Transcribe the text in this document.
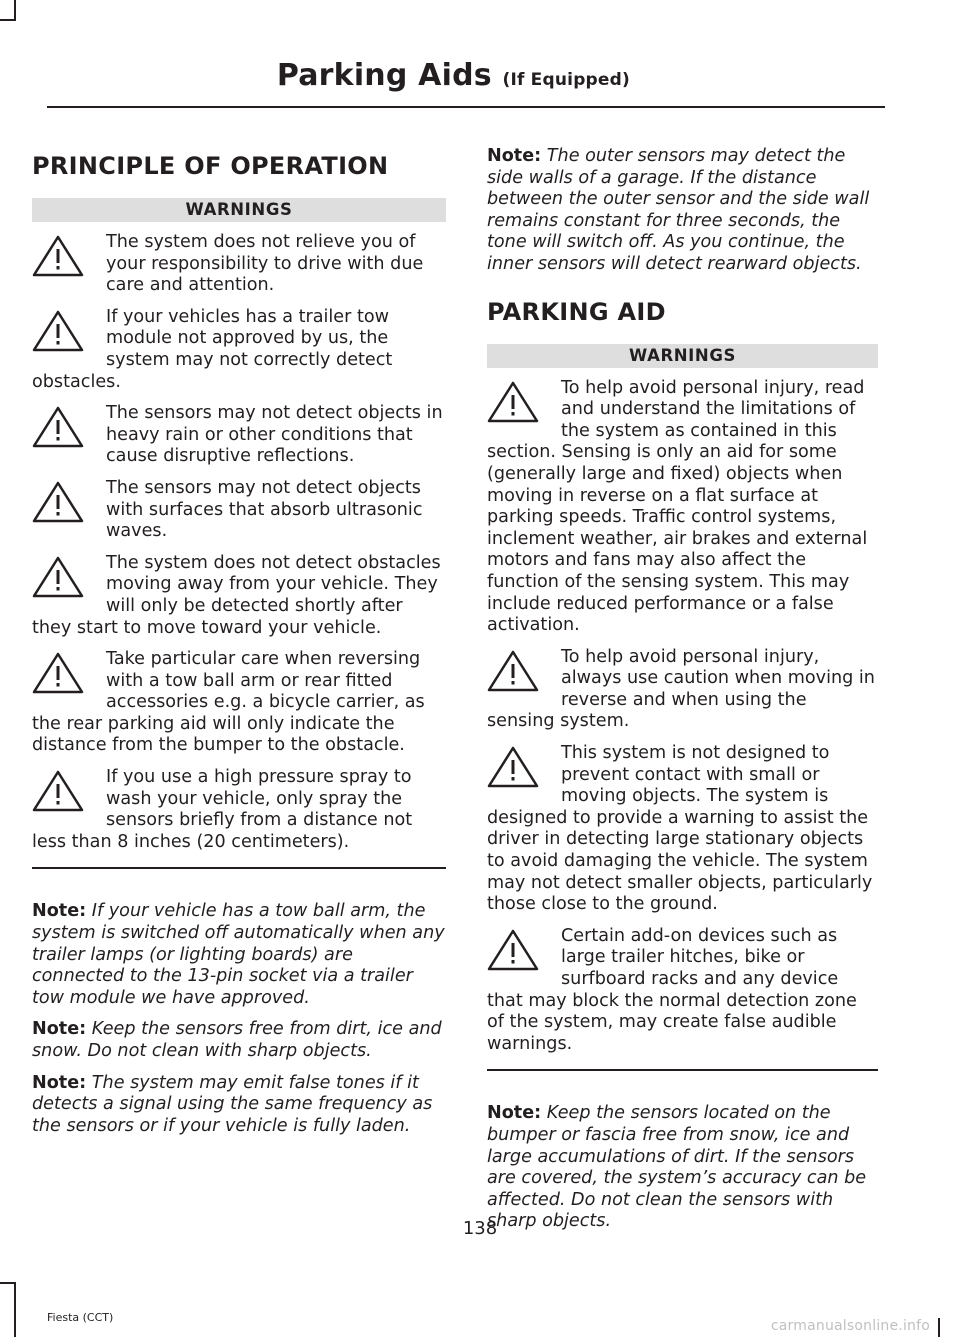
Parking Aids (If Equipped)
PRINCIPLE OF OPERATION
WARNINGS

The system does not relieve you of your responsibility to drive with due care and attention.

If your vehicles has a trailer tow module not approved by us, the system may not correctly detect obstacles.

The sensors may not detect objects in heavy rain or other conditions that cause disruptive reflections.

The sensors may not detect objects with surfaces that absorb ultrasonic waves.

The system does not detect obstacles moving away from your vehicle. They will only be detected shortly after they start to move toward your vehicle.

Take particular care when reversing with a tow ball arm or rear fitted accessories e.g. a bicycle carrier, as the rear parking aid will only indicate the distance from the bumper to the obstacle.

If you use a high pressure spray to wash your vehicle, only spray the sensors briefly from a distance not less than 8 inches (20 centimeters).

Note: If your vehicle has a tow ball arm, the system is switched off automatically when any trailer lamps (or lighting boards) are connected to the 13-pin socket via a trailer tow module we have approved.

Note: Keep the sensors free from dirt, ice and snow. Do not clean with sharp objects.

Note: The system may emit false tones if it detects a signal using the same frequency as the sensors or if your vehicle is fully laden.

Note: The outer sensors may detect the side walls of a garage. If the distance between the outer sensor and the side wall remains constant for three seconds, the tone will switch off. As you continue, the inner sensors will detect rearward objects.

PARKING AID
WARNINGS

To help avoid personal injury, read and understand the limitations of the system as contained in this section. Sensing is only an aid for some (generally large and fixed) objects when moving in reverse on a flat surface at parking speeds. Traffic control systems, inclement weather, air brakes and external motors and fans may also affect the function of the sensing system. This may include reduced performance or a false activation.

To help avoid personal injury, always use caution when moving in reverse and when using the sensing system.

This system is not designed to prevent contact with small or moving objects. The system is designed to provide a warning to assist the driver in detecting large stationary objects to avoid damaging the vehicle. The system may not detect smaller objects, particularly those close to the ground.

Certain add-on devices such as large trailer hitches, bike or surfboard racks and any device that may block the normal detection zone of the system, may create false audible warnings.

Note: Keep the sensors located on the bumper or fascia free from snow, ice and large accumulations of dirt. If the sensors are covered, the system’s accuracy can be affected. Do not clean the sensors with sharp objects.

138
Fiesta (CCT)
carmanualsonline.info
